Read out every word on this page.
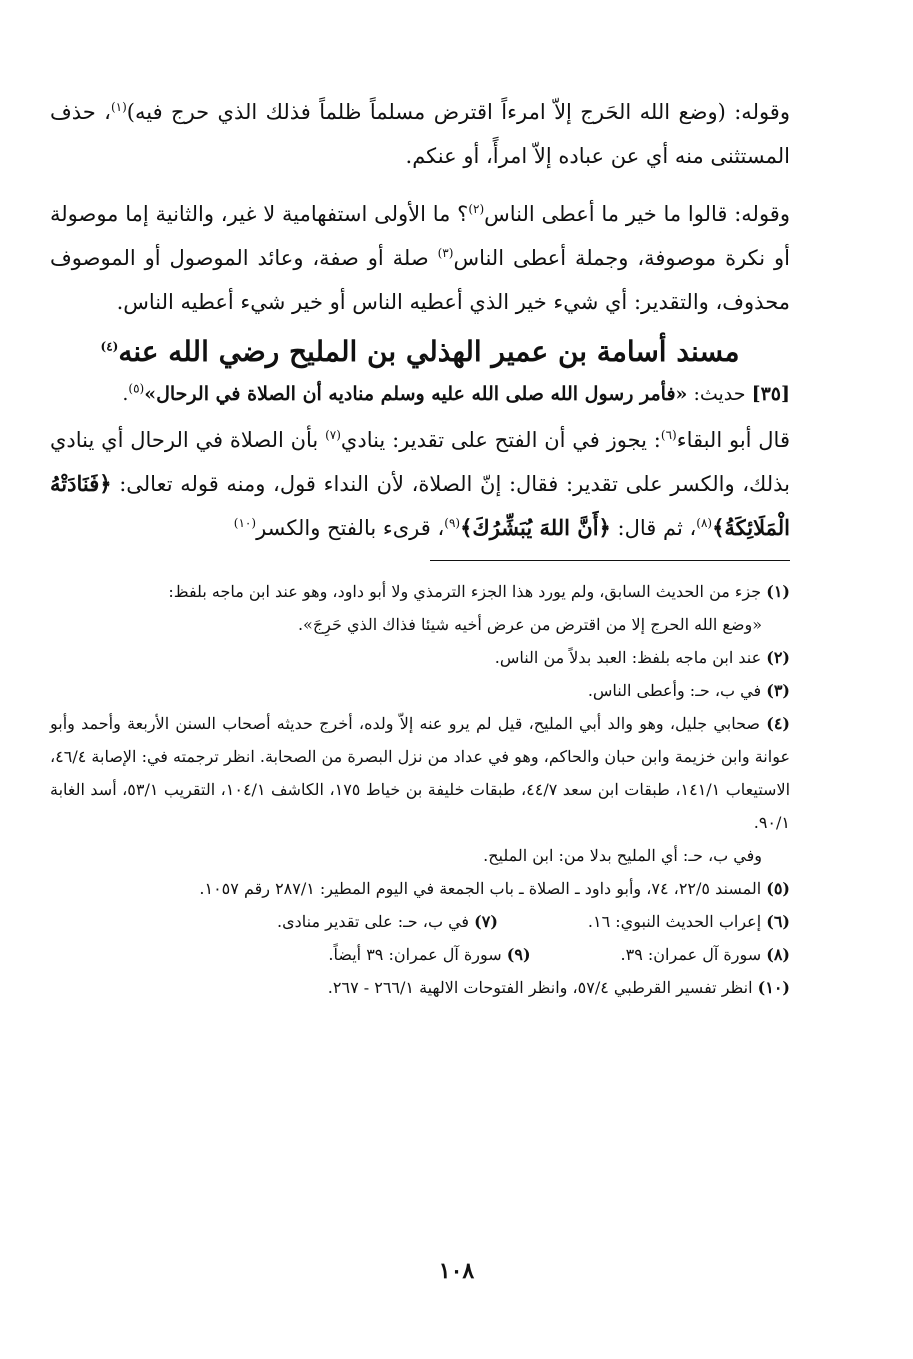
وقوله: (وضع الله الحَرج إلاّ امرءاً اقترض مسلماً ظلماً فذلك الذي حرج فيه)$^{(١)}$، حذف المستثنى منه أي عن عباده إلاّ امرأً، أو عنكم.

وقوله: قالوا ما خير ما أعطى الناس$^{(٢)}$؟ ما الأولى استفهامية لا غير، والثانية إما موصولة أو نكرة موصوفة، وجملة أعطى الناس$^{(٣)}$ صلة أو صفة، وعائد الموصول أو الموصوف محذوف، والتقدير: أي شيء خير الذي أعطيه الناس أو خير شيء أعطيه الناس.

مسند أسامة بن عمير الهذلي بن المليح رضي الله عنه$^{(٤)}$

[٣٥] حديث: «فأمر رسول الله صلى الله عليه وسلم مناديه أن الصلاة في الرحال»$^{(٥)}$.

قال أبو البقاء$^{(٦)}$: يجوز في أن الفتح على تقدير: ينادي$^{(٧)}$ بأن الصلاة في الرحال أي ينادي بذلك، والكسر على تقدير: فقال: إنّ الصلاة، لأن النداء قول، ومنه قوله تعالى: ﴿فَنَادَتْهُ الْمَلَائِكَةُ﴾$^{(٨)}$، ثم قال: ﴿أَنَّ اللهَ يُبَشِّرُكَ﴾$^{(٩)}$، قرىء بالفتح والكسر$^{(١٠)}$

(١) جزء من الحديث السابق، ولم يورد هذا الجزء الترمذي ولا أبو داود، وهو عند ابن ماجه بلفظ:
«وضع الله الحرج إلا من اقترض من عرض أخيه شيئا فذاك الذي حَرِجَ».

(٢) عند ابن ماجه بلفظ: العبد بدلاً من الناس.

(٣) في ب، حـ: وأعطى الناس.

(٤) صحابي جليل، وهو والد أبي المليح، قيل لم يرو عنه إلاّ ولده، أخرج حديثه أصحاب السنن الأربعة وأحمد وأبو عوانة وابن خزيمة وابن حبان والحاكم، وهو في عداد من نزل البصرة من الصحابة. انظر ترجمته في: الإصابة ٤٦/٤، الاستيعاب ١٤١/١، طبقات ابن سعد ٤٤/٧، طبقات خليفة بن خياط ١٧٥، الكاشف ١٠٤/١، التقريب ٥٣/١، أسد الغابة ٩٠/١.
وفي ب، حـ: أي المليح بدلا من: ابن المليح.

(٥) المسند ٢٢/٥، ٧٤، وأبو داود ـ الصلاة ـ باب الجمعة في اليوم المطير: ٢٨٧/١ رقم ١٠٥٧.

(٦) إعراب الحديث النبوي: ١٦.

(٧) في ب، حـ: على تقدير منادى.

(٨) سورة آل عمران: ٣٩.

(٩) سورة آل عمران: ٣٩ أيضاً.

(١٠) انظر تفسير القرطبي ٥٧/٤، وانظر الفتوحات الالهية ٢٦٦/١ - ٢٦٧.

١٠٨
